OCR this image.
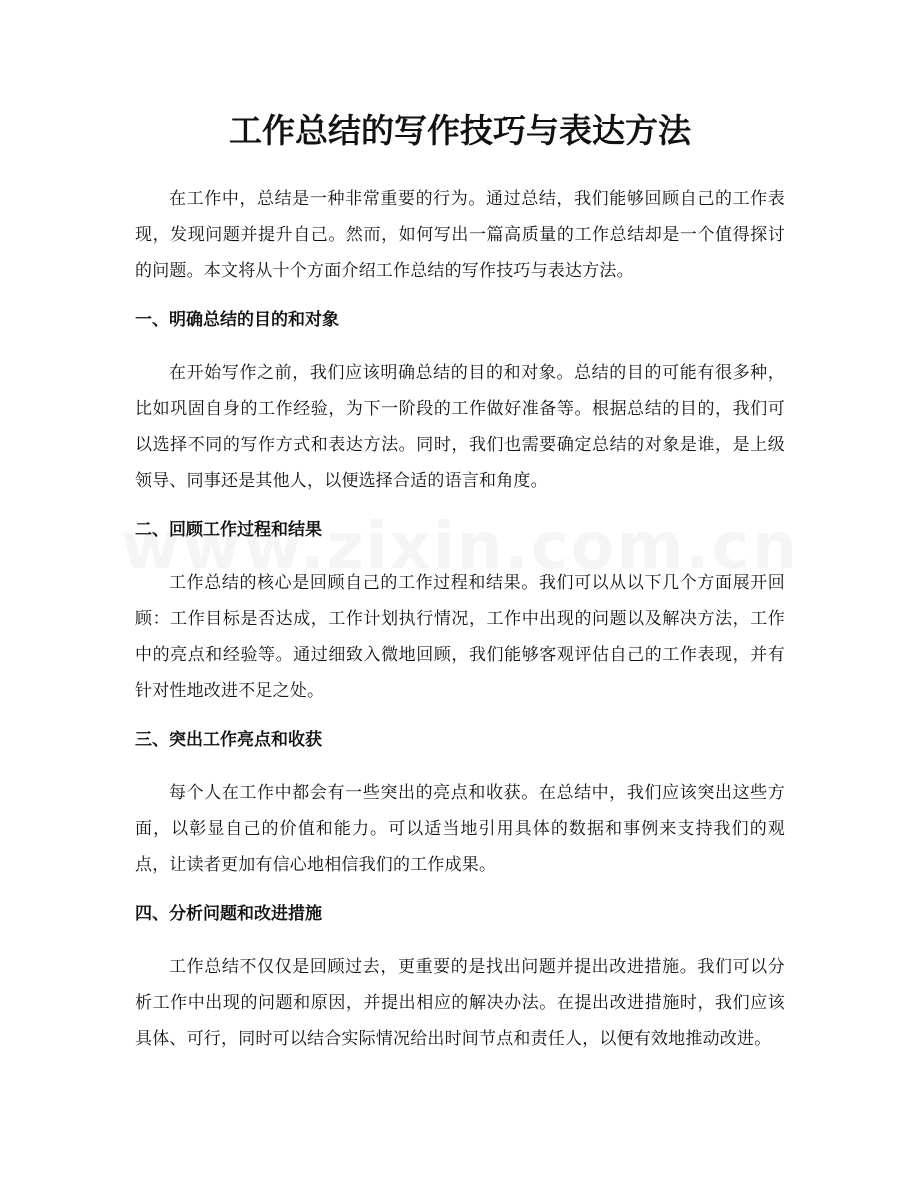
工作总结的写作技巧与表达方法

在工作中，总结是一种非常重要的行为。通过总结，我们能够回顾自己的工作表现，发现问题并提升自己。然而，如何写出一篇高质量的工作总结却是一个值得探讨的问题。本文将从十个方面介绍工作总结的写作技巧与表达方法。

一、明确总结的目的和对象

在开始写作之前，我们应该明确总结的目的和对象。总结的目的可能有很多种，比如巩固自身的工作经验，为下一阶段的工作做好准备等。根据总结的目的，我们可以选择不同的写作方式和表达方法。同时，我们也需要确定总结的对象是谁，是上级领导、同事还是其他人，以便选择合适的语言和角度。

二、回顾工作过程和结果

工作总结的核心是回顾自己的工作过程和结果。我们可以从以下几个方面展开回顾：工作目标是否达成，工作计划执行情况，工作中出现的问题以及解决方法，工作中的亮点和经验等。通过细致入微地回顾，我们能够客观评估自己的工作表现，并有针对性地改进不足之处。

三、突出工作亮点和收获

每个人在工作中都会有一些突出的亮点和收获。在总结中，我们应该突出这些方面，以彰显自己的价值和能力。可以适当地引用具体的数据和事例来支持我们的观点，让读者更加有信心地相信我们的工作成果。

四、分析问题和改进措施

工作总结不仅仅是回顾过去，更重要的是找出问题并提出改进措施。我们可以分析工作中出现的问题和原因，并提出相应的解决办法。在提出改进措施时，我们应该具体、可行，同时可以结合实际情况给出时间节点和责任人，以便有效地推动改进。
